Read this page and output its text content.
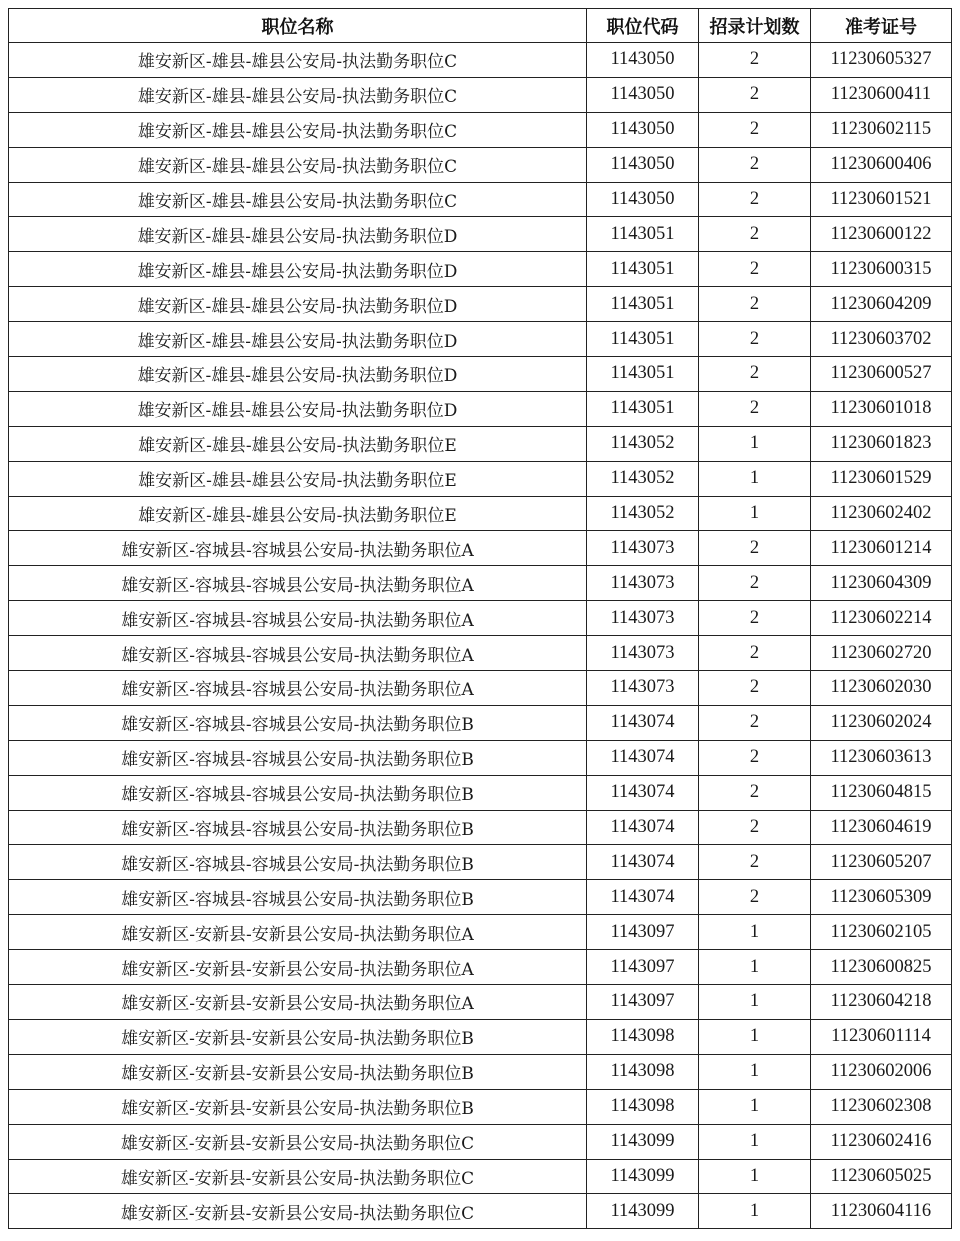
职位名称	职位代码	招录计划数	准考证号
雄安新区-雄县-雄县公安局-执法勤务职位C	1143050	2	11230605327
雄安新区-雄县-雄县公安局-执法勤务职位C	1143050	2	11230600411
雄安新区-雄县-雄县公安局-执法勤务职位C	1143050	2	11230602115
雄安新区-雄县-雄县公安局-执法勤务职位C	1143050	2	11230600406
雄安新区-雄县-雄县公安局-执法勤务职位C	1143050	2	11230601521
雄安新区-雄县-雄县公安局-执法勤务职位D	1143051	2	11230600122
雄安新区-雄县-雄县公安局-执法勤务职位D	1143051	2	11230600315
雄安新区-雄县-雄县公安局-执法勤务职位D	1143051	2	11230604209
雄安新区-雄县-雄县公安局-执法勤务职位D	1143051	2	11230603702
雄安新区-雄县-雄县公安局-执法勤务职位D	1143051	2	11230600527
雄安新区-雄县-雄县公安局-执法勤务职位D	1143051	2	11230601018
雄安新区-雄县-雄县公安局-执法勤务职位E	1143052	1	11230601823
雄安新区-雄县-雄县公安局-执法勤务职位E	1143052	1	11230601529
雄安新区-雄县-雄县公安局-执法勤务职位E	1143052	1	11230602402
雄安新区-容城县-容城县公安局-执法勤务职位A	1143073	2	11230601214
雄安新区-容城县-容城县公安局-执法勤务职位A	1143073	2	11230604309
雄安新区-容城县-容城县公安局-执法勤务职位A	1143073	2	11230602214
雄安新区-容城县-容城县公安局-执法勤务职位A	1143073	2	11230602720
雄安新区-容城县-容城县公安局-执法勤务职位A	1143073	2	11230602030
雄安新区-容城县-容城县公安局-执法勤务职位B	1143074	2	11230602024
雄安新区-容城县-容城县公安局-执法勤务职位B	1143074	2	11230603613
雄安新区-容城县-容城县公安局-执法勤务职位B	1143074	2	11230604815
雄安新区-容城县-容城县公安局-执法勤务职位B	1143074	2	11230604619
雄安新区-容城县-容城县公安局-执法勤务职位B	1143074	2	11230605207
雄安新区-容城县-容城县公安局-执法勤务职位B	1143074	2	11230605309
雄安新区-安新县-安新县公安局-执法勤务职位A	1143097	1	11230602105
雄安新区-安新县-安新县公安局-执法勤务职位A	1143097	1	11230600825
雄安新区-安新县-安新县公安局-执法勤务职位A	1143097	1	11230604218
雄安新区-安新县-安新县公安局-执法勤务职位B	1143098	1	11230601114
雄安新区-安新县-安新县公安局-执法勤务职位B	1143098	1	11230602006
雄安新区-安新县-安新县公安局-执法勤务职位B	1143098	1	11230602308
雄安新区-安新县-安新县公安局-执法勤务职位C	1143099	1	11230602416
雄安新区-安新县-安新县公安局-执法勤务职位C	1143099	1	11230605025
雄安新区-安新县-安新县公安局-执法勤务职位C	1143099	1	11230604116
